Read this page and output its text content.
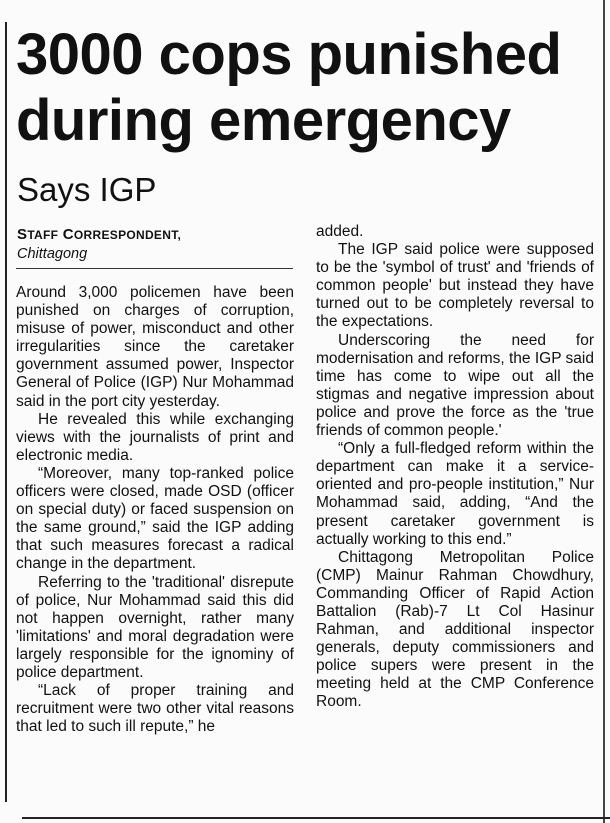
3000 cops punished
during emergency
Says IGP
STAFF CORRESPONDENT,
Chittagong

Around 3,000 policemen have been punished on charges of corruption, misuse of power, misconduct and other irregularities since the caretaker government assumed power, Inspector General of Police (IGP) Nur Mohammad said in the port city yesterday.

He revealed this while exchanging views with the journalists of print and electronic media.

“Moreover, many top-ranked police officers were closed, made OSD (officer on special duty) or faced suspension on the same ground,” said the IGP adding that such measures forecast a radical change in the department.

Referring to the 'traditional' disrepute of police, Nur Mohammad said this did not happen overnight, rather many 'limitations' and moral degradation were largely responsible for the ignominy of police department.

“Lack of proper training and recruitment were two other vital reasons that led to such ill repute,” he

added.

The IGP said police were supposed to be the 'symbol of trust' and 'friends of common people' but instead they have turned out to be completely reversal to the expectations.

Underscoring the need for modernisation and reforms, the IGP said time has come to wipe out all the stigmas and negative impression about police and prove the force as the 'true friends of common people.'

“Only a full-fledged reform within the department can make it a service-oriented and pro-people institution,” Nur Mohammad said, adding, “And the present caretaker government is actually working to this end.”

Chittagong Metropolitan Police (CMP) Mainur Rahman Chowdhury, Commanding Officer of Rapid Action Battalion (Rab)-7 Lt Col Hasinur Rahman, and additional inspector generals, deputy commissioners and police supers were present in the meeting held at the CMP Conference Room.
